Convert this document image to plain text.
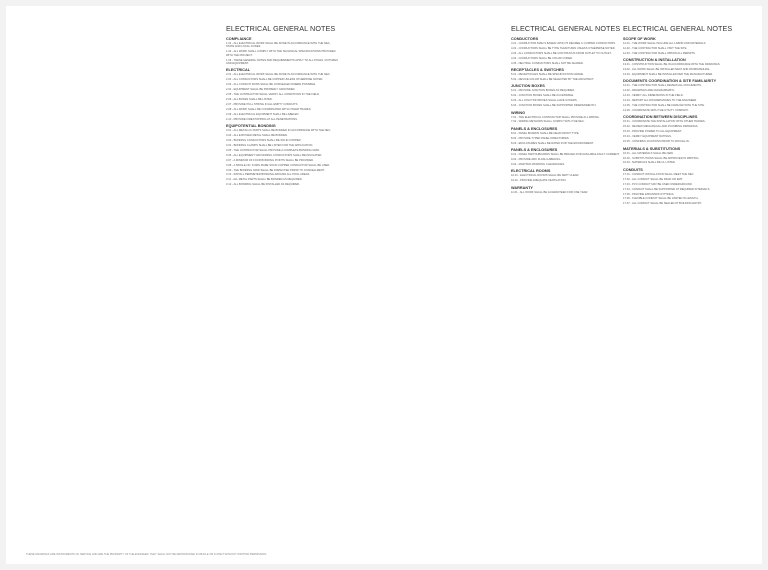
ELECTRICAL GENERAL NOTES
COMPLIANCE

1.01 - ALL ELECTRICAL WORK SHALL BE DONE IN ACCORDANCE WITH THE NEC, STATE AND LOCAL CODES.

1.02 - ALL WORK SHALL COMPLY WITH THE TECHNICAL SPECIFICATIONS PROVIDED WITH THE PROJECT.

1.03 - THESE GENERAL NOTES AND REQUIREMENTS APPLY TO ALL POLES, FIXTURES AND EQUIPMENT.

ELECTRICAL

2.01 - ALL ELECTRICAL WORK SHALL BE DONE IN ACCORDANCE WITH THE NEC.

2.02 - ALL CONDUCTORS SHALL BE COPPER UNLESS OTHERWISE NOTED.

2.03 - ALL CONDUIT RUNS SHALL BE CONCEALED WHERE POSSIBLE.

2.04 - EQUIPMENT SHALL BE PROPERLY GROUNDED.

2.05 - THE CONTRACTOR SHALL VERIFY ALL CONDITIONS IN THE FIELD.

2.06 - ALL BOXES SHALL BE LISTED.

2.07 - PROVIDE PULL STRING IN ALL EMPTY CONDUITS.

2.08 - ALL WORK SHALL BE COORDINATED WITH OTHER TRADES.

2.09 - ALL ELECTRICAL EQUIPMENT SHALL BE LABELED.

2.10 - PROVIDE FIRESTOPPING AT ALL PENETRATIONS.

EQUIPOTENTIAL BONDING

3.01 - ALL METALLIC PARTS SHALL BE BONDED IN ACCORDANCE WITH THE NEC.

3.02 - ALL EXPOSED METAL SHALL BE BONDED.

3.03 - BONDING CONDUCTORS SHALL BE SOLID COPPER.

3.04 - BONDING CLAMPS SHALL BE LISTED FOR THE APPLICATION.

3.05 - THE CONTRACTOR SHALL PROVIDE A COMPLETE BONDING GRID.

3.06 - ALL EQUIPMENT GROUNDING CONDUCTORS SHALL BE INSULATED.

3.07 - A MINIMUM OF FOUR BONDING POINTS SHALL BE PROVIDED.

3.08 - A SINGLE NO. 8 AWG BARE SOLID COPPER CONDUCTOR SHALL BE USED.

3.09 - THE BONDING GRID SHALL BE INSPECTED PRIOR TO CONCEALMENT.

3.10 - INSTALL PERIMETER BONDING AROUND ALL POOL AREAS.

3.11 - ALL METAL PARTS SHALL BE BONDED AS REQUIRED.

3.12 - ALL BONDING SHALL BE INSTALLED AS REQUIRED.

ELECTRICAL GENERAL NOTES
CONDUCTORS

4.01 - CONDUCTOR SIZE IS BASED UPON 75 DEGREE C COPPER CONDUCTORS.

4.02 - CONDUCTORS SHALL BE TYPE THHN/THWN UNLESS OTHERWISE NOTED.

4.03 - ALL CONDUCTORS SHALL BE CONTINUOUS FROM OUTLET TO OUTLET.

4.04 - CONDUCTORS SHALL BE COLOR CODED.

4.05 - NEUTRAL CONDUCTORS SHALL NOT BE SHARED.

RECEPTACLES & SWITCHES

5.01 - RECEPTACLES SHALL BE SPECIFICATION GRADE.

5.02 - DEVICE COLOR SHALL BE SELECTED BY THE ARCHITECT.

JUNCTION BOXES

6.01 - PROVIDE JUNCTION BOXES AS REQUIRED.

6.02 - JUNCTION BOXES SHALL BE ACCESSIBLE.

6.03 - ALL JUNCTION BOXES SHALL HAVE COVERS.

6.04 - JUNCTION BOXES SHALL BE SUPPORTED INDEPENDENTLY.

WIRING

7.01 - THE ELECTRICAL CONTRACTOR SHALL PROVIDE ALL WIRING.

7.02 - WIRING METHODS SHALL COMPLY WITH THE NEC.

PANELS & ENCLOSURES

8.01 - PANEL BOARDS SHALL BE DEAD FRONT TYPE.

8.02 - PROVIDE TYPED PANEL DIRECTORIES.

8.03 - ENCLOSURES SHALL BE RATED FOR THE ENVIRONMENT.

PANELS & ENCLOSURES

9.01 - PANEL SWITCHBOARDS SHALL BE BRACED FOR AVAILABLE FAULT CURRENT.

9.02 - PROVIDE ARC FLASH LABELING.

9.03 - MAINTAIN WORKING CLEARANCES.

ELECTRICAL ROOMS

10.01 - ELECTRICAL ROOMS SHALL BE KEPT CLEAR.

10.02 - PROVIDE ADEQUATE VENTILATION.

WARRANTY

11.01 - ALL WORK SHALL BE GUARANTEED FOR ONE YEAR.

ELECTRICAL GENERAL NOTES
SCOPE OF WORK

12.01 - THE WORK SHALL INCLUDE ALL LABOR AND MATERIALS.

12.02 - THE CONTRACTOR SHALL VISIT THE SITE.

12.03 - THE CONTRACTOR SHALL OBTAIN ALL PERMITS.

CONSTRUCTION & INSTALLATION

13.01 - CONSTRUCTION SHALL BE IN ACCORDANCE WITH THE DRAWINGS.

13.02 - ALL WORK SHALL BE INSTALLED NEAT AND WORKMANLIKE.

13.03 - EQUIPMENT SHALL BE INSTALLED PER THE MANUFACTURER.

DOCUMENTS COORDINATION & SITE FAMILIARITY

14.01 - THE CONTRACTOR SHALL REVIEW ALL DOCUMENTS.

14.02 - DRAWINGS ARE DIAGRAMMATIC.

14.03 - VERIFY ALL DIMENSIONS IN THE FIELD.

14.04 - REPORT ALL DISCREPANCIES TO THE ENGINEER.

14.05 - THE CONTRACTOR SHALL BE FAMILIAR WITH THE SITE.

14.06 - COORDINATE WITH THE UTILITY COMPANY.

COORDINATION BETWEEN DISCIPLINES

15.01 - COORDINATE THE INSTALLATION WITH OTHER TRADES.

15.02 - REVIEW MECHANICAL AND PLUMBING DRAWINGS.

15.03 - PROVIDE POWER TO ALL EQUIPMENT.

15.04 - VERIFY EQUIPMENT RATINGS.

15.05 - CONFIRM LOCATIONS PRIOR TO ROUGH-IN.

MATERIALS & SUBSTITUTIONS

16.01 - ALL MATERIALS SHALL BE NEW.

16.02 - SUBSTITUTIONS SHALL BE APPROVED IN WRITING.

16.03 - MATERIALS SHALL BE UL LISTED.

CONDUITS

17.01 - CONDUIT INSTALLATION SHALL MEET THE NEC.

17.02 - ALL CONDUIT SHALL BE RIGID OR EMT.

17.03 - PVC CONDUIT MAY BE USED UNDERGROUND.

17.04 - CONDUIT SHALL BE SUPPORTED AT REQUIRED INTERVALS.

17.05 - PROVIDE EXPANSION FITTINGS.

17.06 - FLEXIBLE CONDUIT SHALL BE LIMITED IN LENGTH.

17.07 - ALL CONDUIT SHALL BE SEALED AT BUILDING ENTRY.

THESE DRAWINGS ARE INSTRUMENTS OF SERVICE AND ARE THE PROPERTY OF THE ENGINEER. THEY SHALL NOT BE REPRODUCED IN WHOLE OR IN PART WITHOUT WRITTEN PERMISSION.
